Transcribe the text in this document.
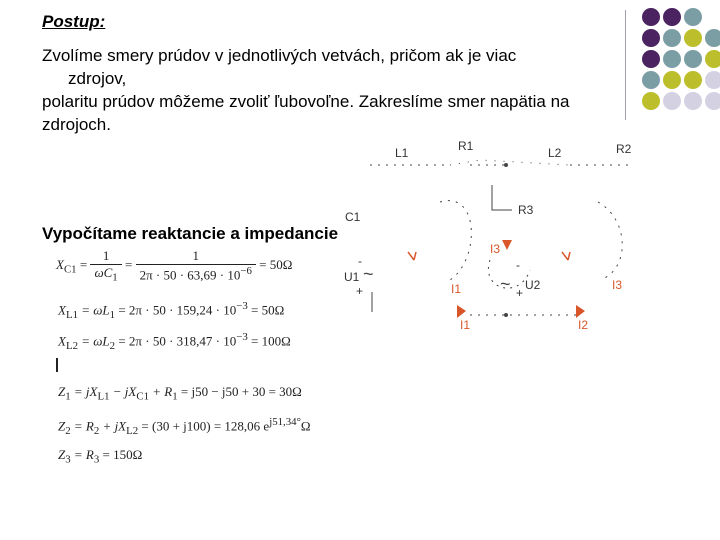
Postup:
Zvolíme smery prúdov v jednotlivých vetvách, pričom ak je viac
zdrojov,
polaritu prúdov môžeme zvoliť ľubovoľne. Zakreslíme smer napätia na
zdrojoch.
Vypočítame reaktancie a impedancie
$X_{C1} = \frac{1}{\omega C_1} = \frac{1}{2\pi \cdot 50 \cdot 63,69 \cdot 10^{-6}} = 50\Omega$
$X_{L1} = \omega L_1 = 2\pi \cdot 50 \cdot 159,24 \cdot 10^{-3} = 50\Omega$
$X_{L2} = \omega L_2 = 2\pi \cdot 50 \cdot 318,47 \cdot 10^{-3} = 100\Omega$
$Z_1 = jX_{L1} - jX_{C1} + R_1 = j50 - j50 + 30 = 30\Omega$
$Z_2 = R_2 + jX_{L2} = (30 + j100) = 128,06$ $e^{j51,34^\circ}\Omega$
$Z_3 = R_3 = 150\Omega$
~	~
L1	R1	L2	R2
R3
C1
-
U1
+
-
U2
+
I3
I1	I3
I1	I2
